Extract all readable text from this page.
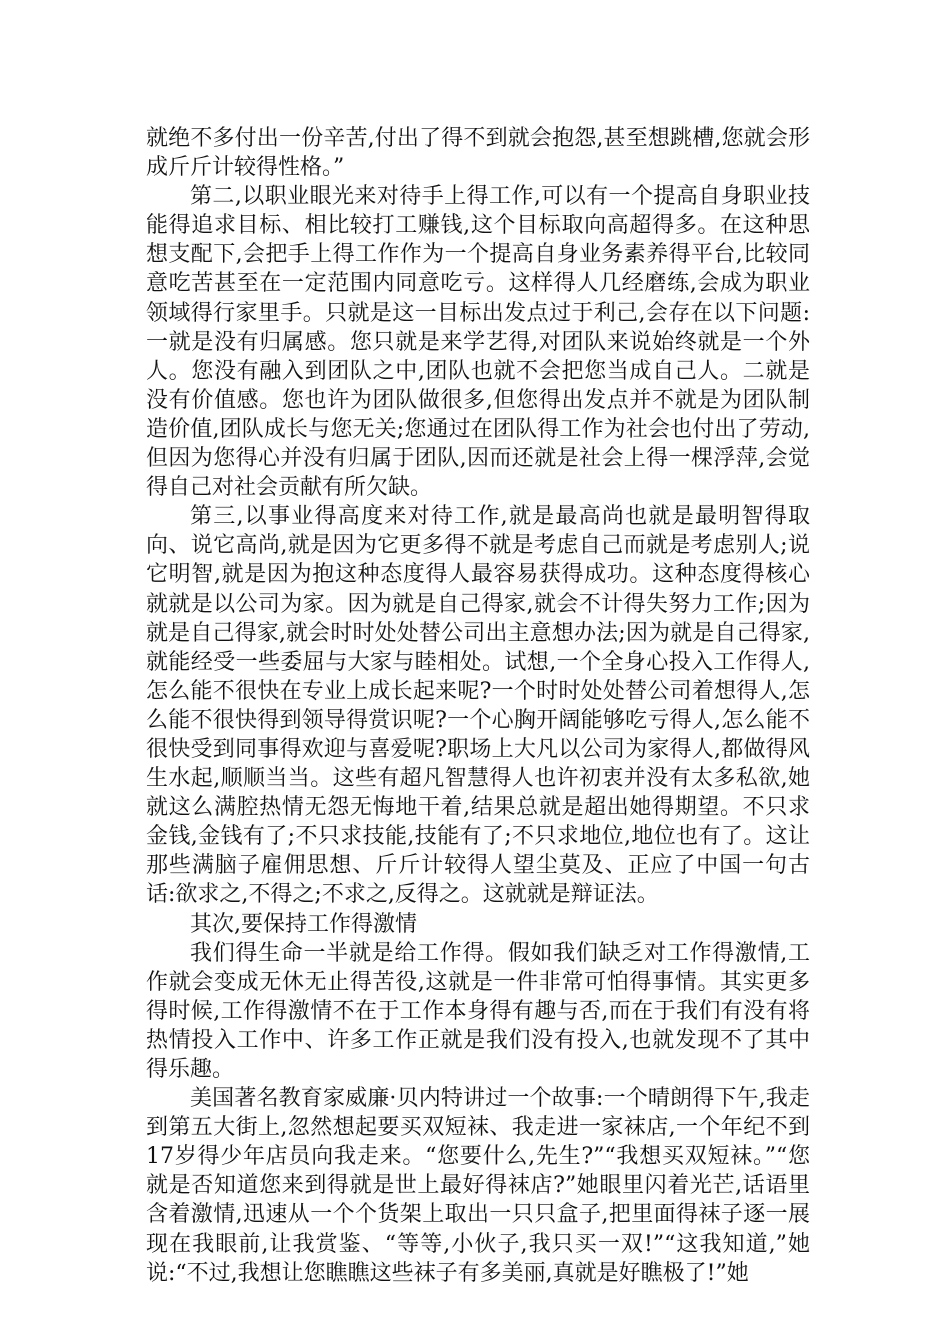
就绝不多付出一份辛苦,付出了得不到就会抱怨,甚至想跳槽,您就会形成斤斤计较得性格。”

第二,以职业眼光来对待手上得工作,可以有一个提高自身职业技能得追求目标、相比较打工赚钱,这个目标取向高超得多。在这种思想支配下,会把手上得工作作为一个提高自身业务素养得平台,比较同意吃苦甚至在一定范围内同意吃亏。这样得人几经磨练,会成为职业领域得行家里手。只就是这一目标出发点过于利己,会存在以下问题:一就是没有归属感。您只就是来学艺得,对团队来说始终就是一个外人。您没有融入到团队之中,团队也就不会把您当成自己人。二就是没有价值感。您也许为团队做很多,但您得出发点并不就是为团队制造价值,团队成长与您无关;您通过在团队得工作为社会也付出了劳动,但因为您得心并没有归属于团队,因而还就是社会上得一棵浮萍,会觉得自己对社会贡献有所欠缺。

第三,以事业得高度来对待工作,就是最高尚也就是最明智得取向、说它高尚,就是因为它更多得不就是考虑自己而就是考虑别人;说它明智,就是因为抱这种态度得人最容易获得成功。这种态度得核心就就是以公司为家。因为就是自己得家,就会不计得失努力工作;因为就是自己得家,就会时时处处替公司出主意想办法;因为就是自己得家,就能经受一些委屈与大家与睦相处。试想,一个全身心投入工作得人,怎么能不很快在专业上成长起来呢?一个时时处处替公司着想得人,怎么能不很快得到领导得赏识呢?一个心胸开阔能够吃亏得人,怎么能不很快受到同事得欢迎与喜爱呢?职场上大凡以公司为家得人,都做得风生水起,顺顺当当。这些有超凡智慧得人也许初衷并没有太多私欲,她就这么满腔热情无怨无悔地干着,结果总就是超出她得期望。不只求金钱,金钱有了;不只求技能,技能有了;不只求地位,地位也有了。这让那些满脑子雇佣思想、斤斤计较得人望尘莫及、正应了中国一句古话:欲求之,不得之;不求之,反得之。这就就是辩证法。

其次,要保持工作得激情

我们得生命一半就是给工作得。假如我们缺乏对工作得激情,工作就会变成无休无止得苦役,这就是一件非常可怕得事情。其实更多得时候,工作得激情不在于工作本身得有趣与否,而在于我们有没有将热情投入工作中、许多工作正就是我们没有投入,也就发现不了其中得乐趣。

美国著名教育家威廉·贝内特讲过一个故事:一个晴朗得下午,我走到第五大街上,忽然想起要买双短袜、我走进一家袜店,一个年纪不到17岁得少年店员向我走来。“您要什么,先生?”“我想买双短袜。”“您就是否知道您来到得就是世上最好得袜店?”她眼里闪着光芒,话语里含着激情,迅速从一个个货架上取出一只只盒子,把里面得袜子逐一展现在我眼前,让我赏鉴、“等等,小伙子,我只买一双!”“这我知道,”她说:“不过,我想让您瞧瞧这些袜子有多美丽,真就是好瞧极了!”她
